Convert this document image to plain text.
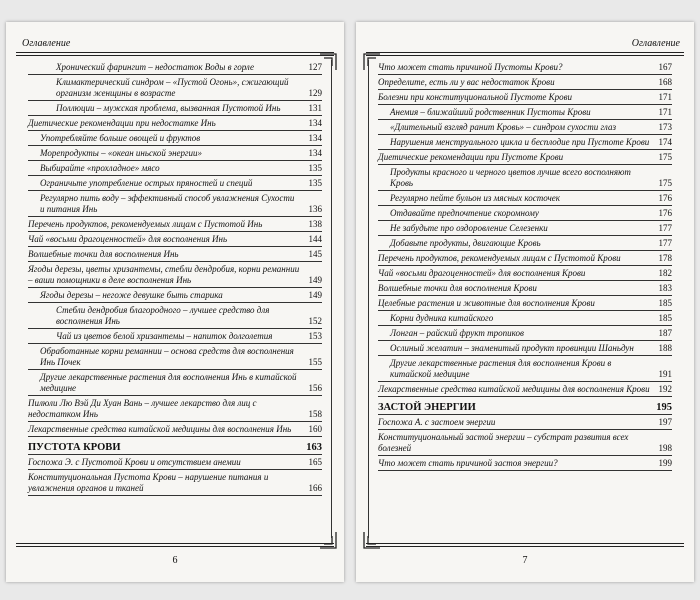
Оглавление
Хронический фарингит – недостаток Воды в горле	127
Климактерический синдром – «Пустой Огонь», сжигающий организм женщины в возрасте	129
Поллюции – мужская проблема, вызванная Пустотой Инь	131
Диетические рекомендации при недостатке Инь	134
Употребляйте больше овощей и фруктов	134
Морепродукты – «океан иньской энергии»	134
Выбирайте «прохладное» мясо	135
Ограничьте употребление острых пряностей и специй	135
Регулярно пить воду – эффективный способ увлажнения Сухости и питания Инь	136
Перечень продуктов, рекомендуемых лицам с Пустотой Инь	138
Чай «восьми драгоценностей» для восполнения Инь	144
Волшебные точки для восполнения Инь	145
Ягоды дерезы, цветы хризантемы, стебли дендробия, корни реманнии – ваши помощники в деле восполнения Инь	149
Ягоды дерезы – негоже девушке быть старика	149
Стебли дендробия благородного – лучшее средство для восполнения Инь	152
Чай из цветов белой хризантемы – напиток долголетия	153
Обработанные корни реманнии – основа средств для восполнения Инь Почек	155
Другие лекарственные растения для восполнения Инь в китайской медицине	156
Пилюли Лю Вэй Ди Хуан Вань – лучшее лекарство для лиц с недостатком Инь	158
Лекарственные средства китайской медицины для восполнения Инь	160
ПУСТОТА КРОВИ	163
Госпожа Э. с Пустотой Крови и отсутствием анемии	165
Конституциональная Пустота Крови – нарушение питания и увлажнения органов и тканей	166
6
Оглавление
Что может стать причиной Пустоты Крови?	167
Определите, есть ли у вас недостаток Крови	168
Болезни при конституциональной Пустоте Крови	171
Анемия – ближайший родственник Пустоты Крови	171
«Длительный взгляд ранит Кровь» – синдром сухости глаз	173
Нарушения менструального цикла и бесплодие при Пустоте Крови	174
Диетические рекомендации при Пустоте Крови	175
Продукты красного и черного цветов лучше всего восполняют Кровь	175
Регулярно пейте бульон из мясных косточек	176
Отдавайте предпочтение скоромному	176
Не забудьте про оздоровление Селезенки	177
Добавьте продукты, двигающие Кровь	177
Перечень продуктов, рекомендуемых лицам с Пустотой Крови	178
Чай «восьми драгоценностей» для восполнения Крови	182
Волшебные точки для восполнения Крови	183
Целебные растения и животные для восполнения Крови	185
Корни дудника китайского	185
Лонган – райский фрукт тропиков	187
Ослиный желатин – знаменитый продукт провинции Шаньдун	188
Другие лекарственные растения для восполнения Крови в китайской медицине	191
Лекарственные средства китайской медицины для восполнения Крови 192
ЗАСТОЙ ЭНЕРГИИ	195
Госпожа А. с застоем энергии	197
Конституциональный застой энергии – субстрат развития всех болезней	198
Что может стать причиной застоя энергии?	199
7
